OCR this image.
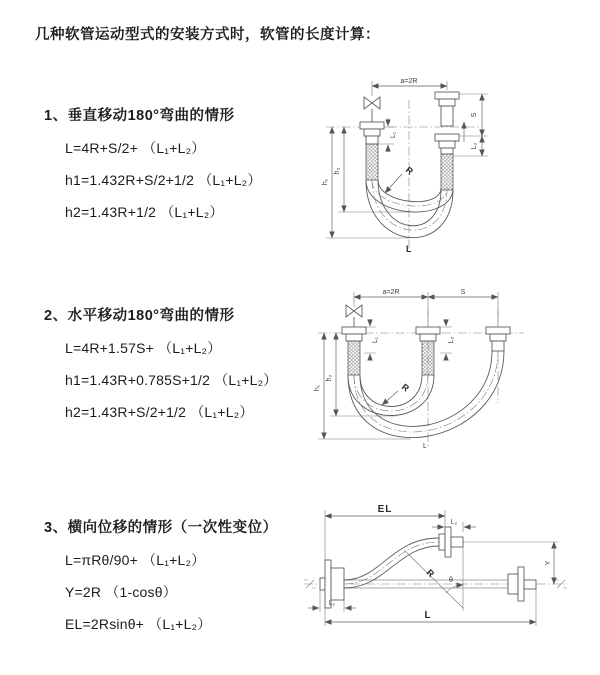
几种软管运动型式的安装方式时，软管的长度计算：
1、垂直移动180°弯曲的情形
L=4R+S/2+ （L₁+L₂）
h1=1.432R+S/2+1/2 （L₁+L₂）
h2=1.43R+1/2 （L₁+L₂）
a=2R
S
L₂
h₁
h₂
L₁
R
L
2、水平移动180°弯曲的情形
L=4R+1.57S+ （L₁+L₂）
h1=1.43R+0.785S+1/2 （L₁+L₂）
h2=1.43R+S/2+1/2 （L₁+L₂）
a=2R	S
h₁
h₂
L₁	L₂
R
L
3、横向位移的情形（一次性变位）
L=πRθ/90+ （L₁+L₂）
Y=2R （1-cosθ）
EL=2Rsinθ+ （L₁+L₂）
EL
L₂
Y
R
θ
L₁
L
